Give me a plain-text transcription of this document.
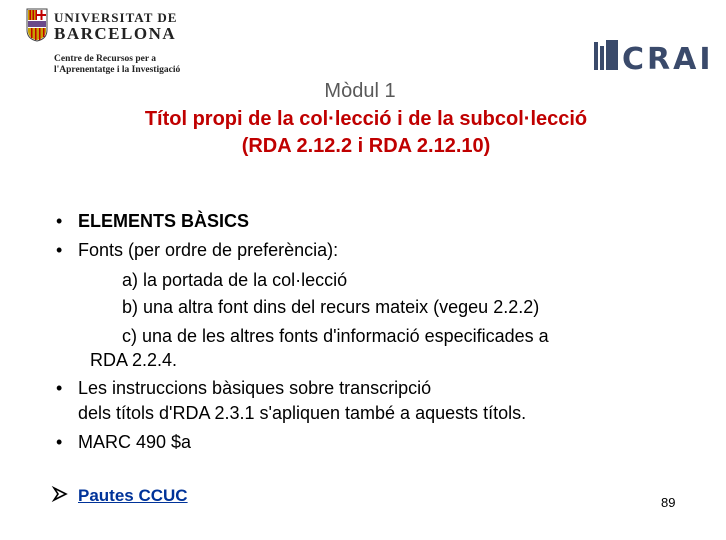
UNIVERSITAT DE
BARCELONA
Centre de Recursos per a
l'Aprenentatge i la Investigació	CRAI
Mòdul 1
Títol propi de la col·lecció i de la subcol·lecció
(RDA 2.12.2 i RDA 2.12.10)
• ELEMENTS BÀSICS
• Fonts (per ordre de preferència):
a) la portada de la col·lecció
b) una altra font dins del recurs mateix (vegeu 2.2.2)
c) una de les altres fonts d'informació especificades a
RDA 2.2.4.
• Les instruccions bàsiques sobre transcripció
dels títols d'RDA 2.3.1 s'apliquen també a aquests títols.
• MARC 490 $a
Pautes CCUC	89
